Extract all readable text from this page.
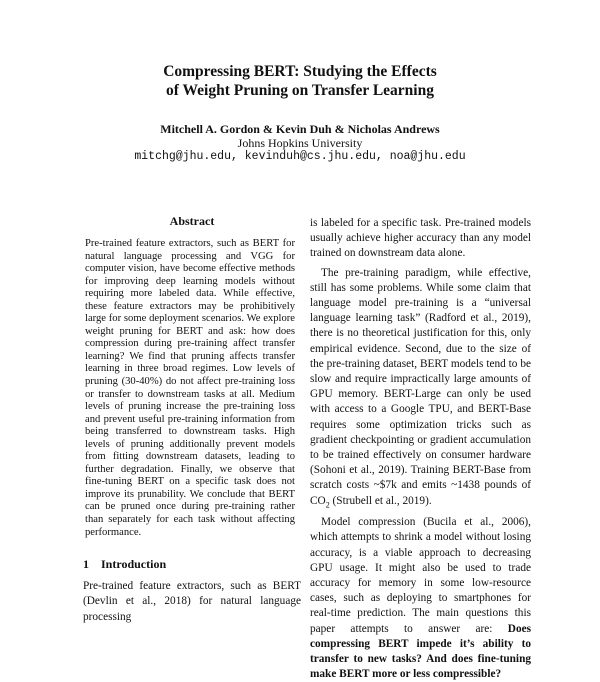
Compressing BERT: Studying the Effects
of Weight Pruning on Transfer Learning
Mitchell A. Gordon & Kevin Duh & Nicholas Andrews
Johns Hopkins University
mitchg@jhu.edu, kevinduh@cs.jhu.edu, noa@jhu.edu
Abstract

Pre-trained feature extractors, such as BERT for natural language processing and VGG for computer vision, have become effective methods for improving deep learning models without requiring more labeled data. While effective, these feature extractors may be prohibitively large for some deployment scenarios. We explore weight pruning for BERT and ask: how does compression during pre-training affect transfer learning? We find that pruning affects transfer learning in three broad regimes. Low levels of pruning (30-40%) do not affect pre-training loss or transfer to downstream tasks at all. Medium levels of pruning increase the pre-training loss and prevent useful pre-training information from being transferred to downstream tasks. High levels of pruning additionally prevent models from fitting downstream datasets, leading to further degradation. Finally, we observe that fine-tuning BERT on a specific task does not improve its prunability. We conclude that BERT can be pruned once during pre-training rather than separately for each task without affecting performance.

1 Introduction

Pre-trained feature extractors, such as BERT (Devlin et al., 2018) for natural language processing

is labeled for a specific task. Pre-trained models usually achieve higher accuracy than any model trained on downstream data alone.

The pre-training paradigm, while effective, still has some problems. While some claim that language model pre-training is a “universal language learning task” (Radford et al., 2019), there is no theoretical justification for this, only empirical evidence. Second, due to the size of the pre-training dataset, BERT models tend to be slow and require impractically large amounts of GPU memory. BERT-Large can only be used with access to a Google TPU, and BERT-Base requires some optimization tricks such as gradient checkpointing or gradient accumulation to be trained effectively on consumer hardware (Sohoni et al., 2019). Training BERT-Base from scratch costs ~$7k and emits ~1438 pounds of $CO_2$ (Strubell et al., 2019).

Model compression (Bucila et al., 2006), which attempts to shrink a model without losing accuracy, is a viable approach to decreasing GPU usage. It might also be used to trade accuracy for memory in some low-resource cases, such as deploying to smartphones for real-time prediction. The main questions this paper attempts to answer are: Does compressing BERT impede it’s ability to transfer to new tasks? And does fine-tuning make BERT more or less compressible?
